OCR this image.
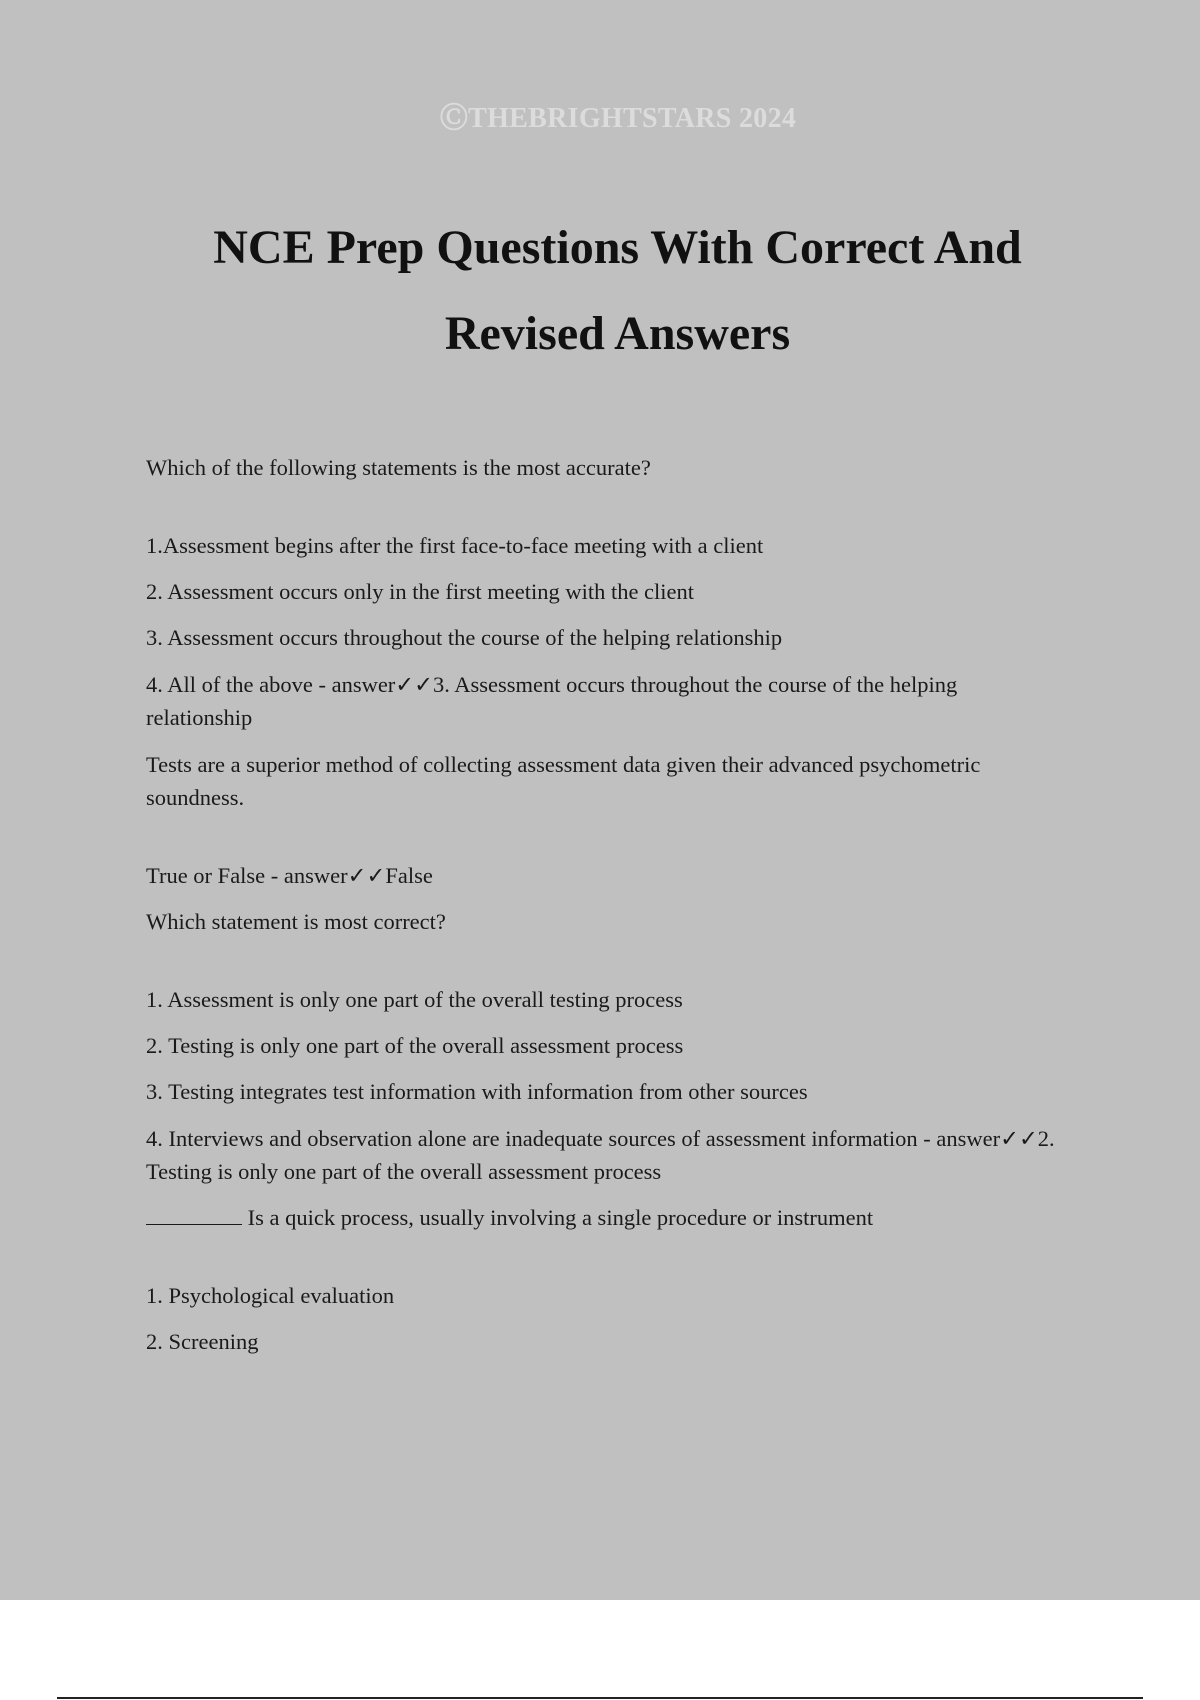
ⒸTHEBRIGHTSTARS 2024
NCE Prep Questions With Correct And
Revised Answers

Which of the following statements is the most accurate?

1.Assessment begins after the first face-to-face meeting with a client

2. Assessment occurs only in the first meeting with the client

3. Assessment occurs throughout the course of the helping relationship

4. All of the above - answer✓✓3. Assessment occurs throughout the course of the helping relationship

Tests are a superior method of collecting assessment data given their advanced psychometric soundness.

True or False - answer✓✓False

Which statement is most correct?

1. Assessment is only one part of the overall testing process

2. Testing is only one part of the overall assessment process

3. Testing integrates test information with information from other sources

4. Interviews and observation alone are inadequate sources of assessment information - answer✓✓2. Testing is only one part of the overall assessment process

Is a quick process, usually involving a single procedure or instrument

1. Psychological evaluation

2. Screening
